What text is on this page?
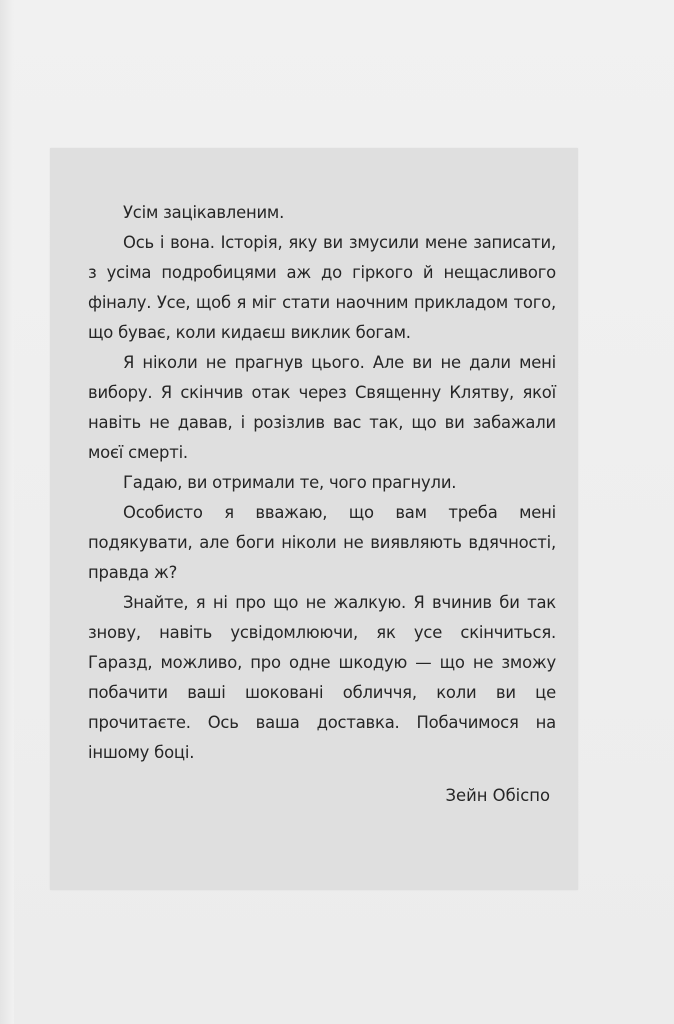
Усім зацікавленим.

Ось і вона. Історія, яку ви змусили мене записати, з усіма подробицями аж до гіркого й нещасливого фіналу. Усе, щоб я міг стати наочним прикладом того, що буває, коли кидаєш виклик богам.

Я ніколи не прагнув цього. Але ви не дали мені вибору. Я скінчив отак через Священну Клятву, якої навіть не давав, і розізлив вас так, що ви забажали моєї смерті.

Гадаю, ви отримали те, чого прагнули.

Особисто я вважаю, що вам треба мені подякувати, але боги ніколи не виявляють вдячності, правда ж?

Знайте, я ні про що не жалкую. Я вчинив би так знову, навіть усвідомлюючи, як усе скінчиться. Гаразд, можливо, про одне шкодую — що не зможу побачити ваші шоковані обличчя, коли ви це прочитаєте. Ось ваша доставка. Побачимося на іншому боці.

Зейн Обіспо
